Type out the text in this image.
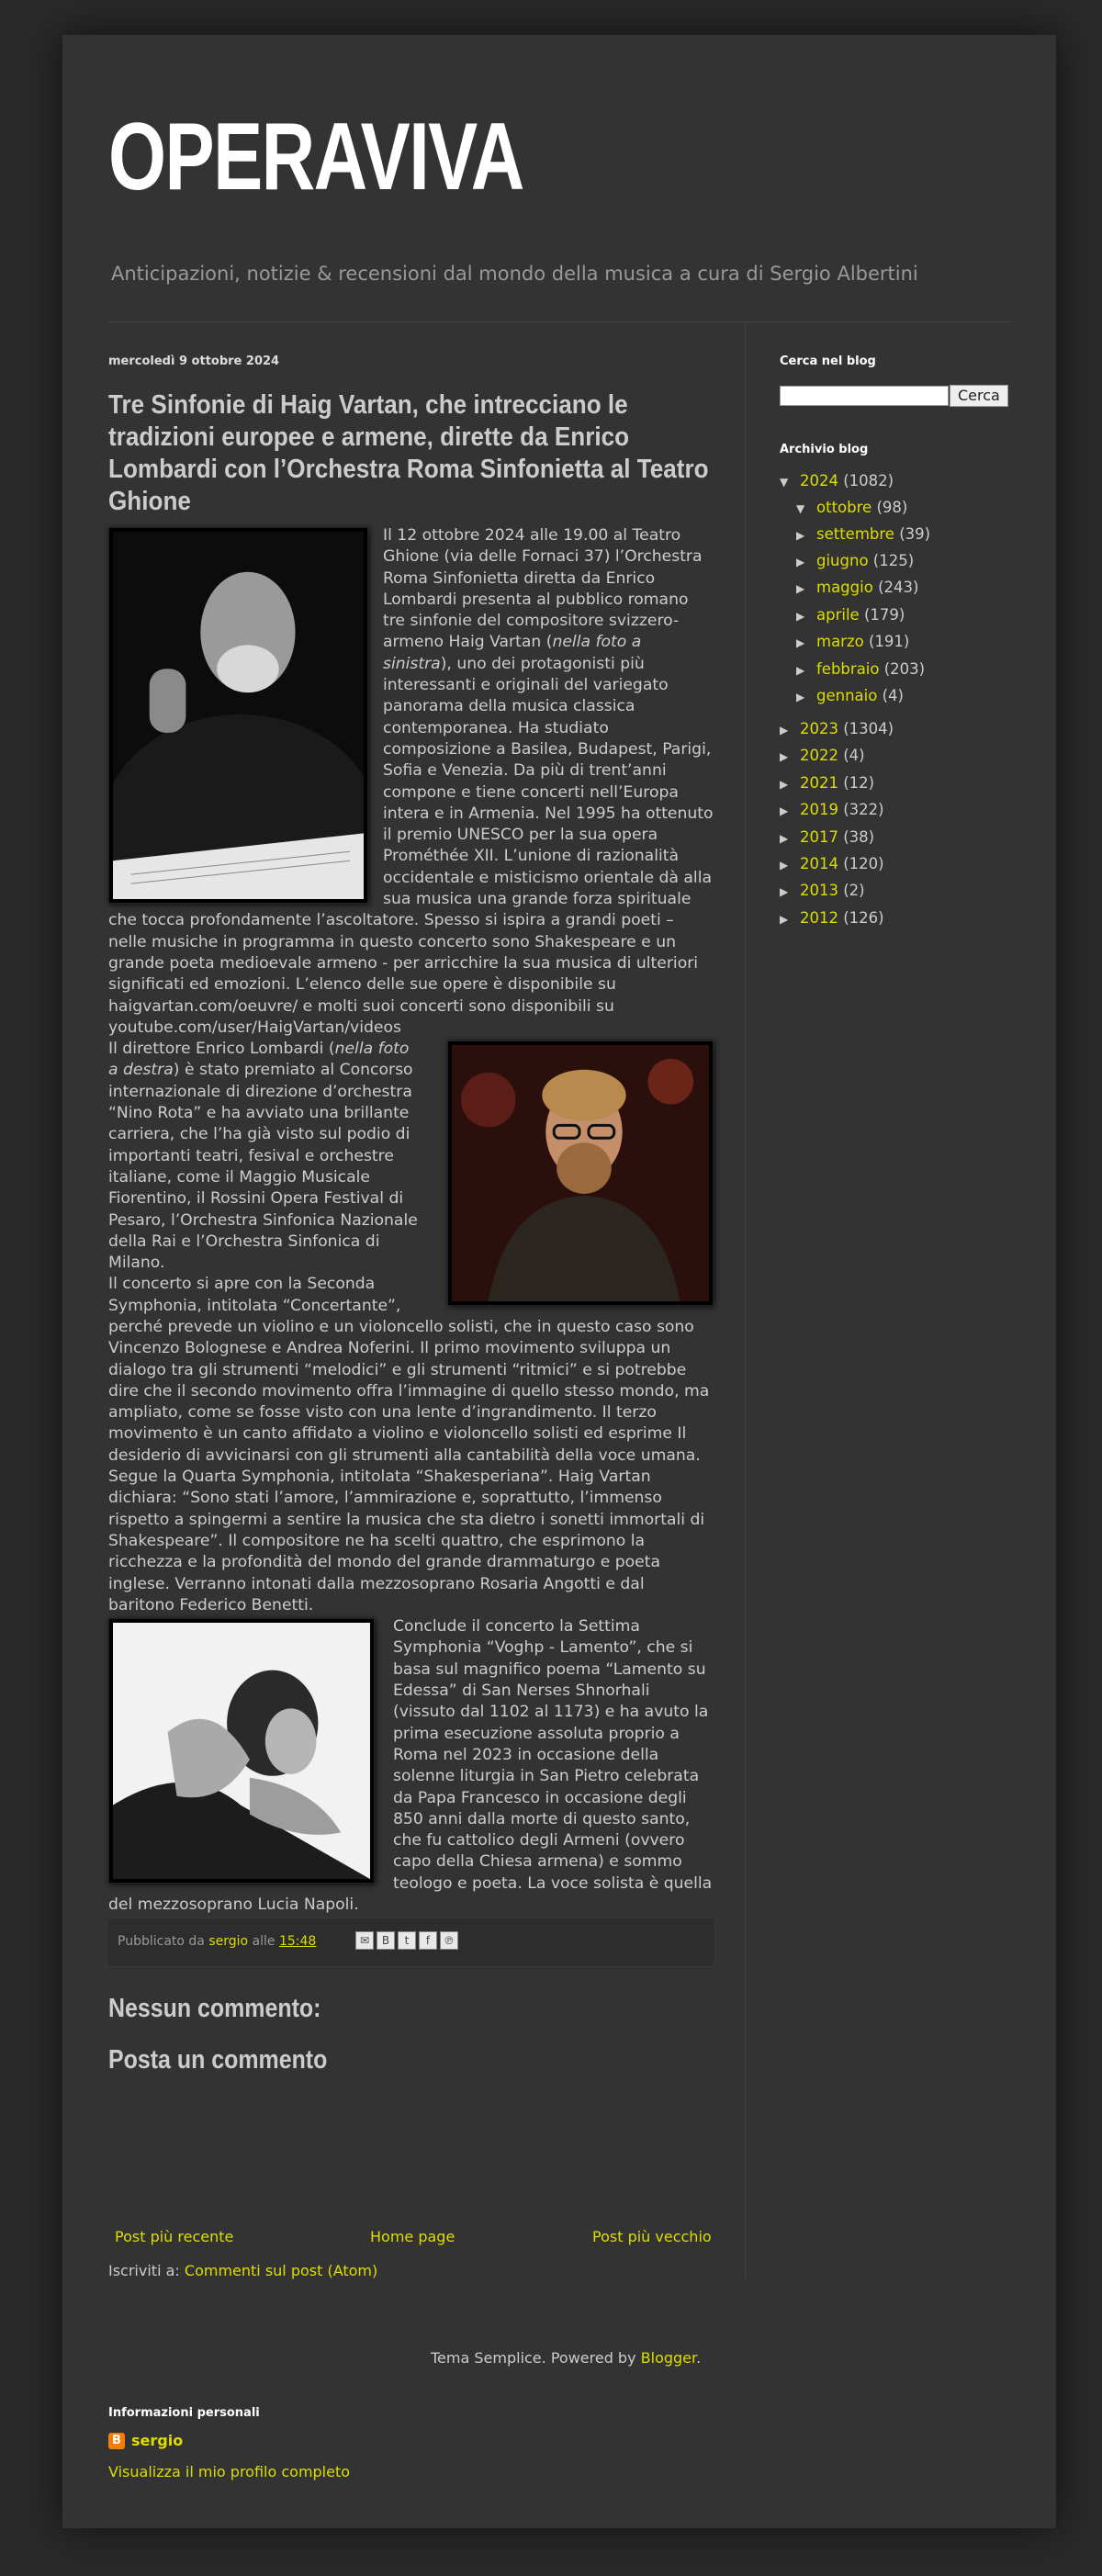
OPERAVIVA
Anticipazioni, notizie & recensioni dal mondo della musica a cura di Sergio Albertini
mercoledì 9 ottobre 2024
Tre Sinfonie di Haig Vartan, che intrecciano le tradizioni europee e armene, dirette da Enrico Lombardi con l’Orchestra Roma Sinfonietta al Teatro Ghione

Il 12 ottobre 2024 alle 19.00 al Teatro Ghione (via delle Fornaci 37) l’Orchestra Roma Sinfonietta diretta da Enrico Lombardi presenta al pubblico romano tre sinfonie del compositore svizzero-armeno Haig Vartan (nella foto a sinistra), uno dei protagonisti più interessanti e originali del variegato panorama della musica classica contemporanea. Ha studiato composizione a Basilea, Budapest, Parigi, Sofia e Venezia. Da più di trent’anni compone e tiene concerti nell’Europa intera e in Armenia. Nel 1995 ha ottenuto il premio UNESCO per la sua opera Prométhée XII. L’unione di razionalità occidentale e misticismo orientale dà alla sua musica una grande forza spirituale che tocca profondamente l’ascoltatore. Spesso si ispira a grandi poeti – nelle musiche in programma in questo concerto sono Shakespeare e un grande poeta medioevale armeno - per arricchire la sua musica di ulteriori significati ed emozioni. L’elenco delle sue opere è disponibile su haigvartan.com/oeuvre/ e molti suoi concerti sono disponibili su youtube.com/user/HaigVartan/videos

Il direttore Enrico Lombardi (nella foto a destra) è stato premiato al Concorso internazionale di direzione d’orchestra “Nino Rota” e ha avviato una brillante carriera, che l’ha già visto sul podio di importanti teatri, fesival e orchestre italiane, come il Maggio Musicale Fiorentino, il Rossini Opera Festival di Pesaro, l’Orchestra Sinfonica Nazionale della Rai e l’Orchestra Sinfonica di Milano.

Il concerto si apre con la Seconda Symphonia, intitolata “Concertante”, perché prevede un violino e un violoncello solisti, che in questo caso sono Vincenzo Bolognese e Andrea Noferini. Il primo movimento sviluppa un dialogo tra gli strumenti “melodici” e gli strumenti “ritmici” e si potrebbe dire che il secondo movimento offra l’immagine di quello stesso mondo, ma ampliato, come se fosse visto con una lente d’ingrandimento. Il terzo movimento è un canto affidato a violino e violoncello solisti ed esprime Il desiderio di avvicinarsi con gli strumenti alla cantabilità della voce umana.

Segue la Quarta Symphonia, intitolata “Shakesperiana”. Haig Vartan dichiara: “Sono stati l’amore, l’ammirazione e, soprattutto, l’immenso rispetto a spingermi a sentire la musica che sta dietro i sonetti immortali di Shakespeare”. Il compositore ne ha scelti quattro, che esprimono la ricchezza e la profondità del mondo del grande drammaturgo e poeta inglese. Verranno intonati dalla mezzosoprano Rosaria Angotti e dal baritono Federico Benetti.

Conclude il concerto la Settima Symphonia “Voghp - Lamento”, che si basa sul magnifico poema “Lamento su Edessa” di San Nerses Shnorhali (vissuto dal 1102 al 1173) e ha avuto la prima esecuzione assoluta proprio a Roma nel 2023 in occasione della solenne liturgia in San Pietro celebrata da Papa Francesco in occasione degli 850 anni dalla morte di questo santo, che fu cattolico degli Armeni (ovvero capo della Chiesa armena) e sommo teologo e poeta. La voce solista è quella del mezzosoprano Lucia Napoli.

Pubblicato da sergio alle 15:48	✉	B	t	f	℗
Nessun commento:
Posta un commento
Post più recente	Home page	Post più vecchio
Iscriviti a: Commenti sul post (Atom)
Cerca nel blog
Cerca
Archivio blog
▼ 2024 (1082)
▼ ottobre (98)
▶ settembre (39)
▶ giugno (125)
▶ maggio (243)
▶ aprile (179)
▶ marzo (191)
▶ febbraio (203)
▶ gennaio (4)
▶ 2023 (1304)
▶ 2022 (4)
▶ 2021 (12)
▶ 2019 (322)
▶ 2017 (38)
▶ 2014 (120)
▶ 2013 (2)
▶ 2012 (126)
Tema Semplice. Powered by Blogger.
Informazioni personali
B sergio
Visualizza il mio profilo completo
